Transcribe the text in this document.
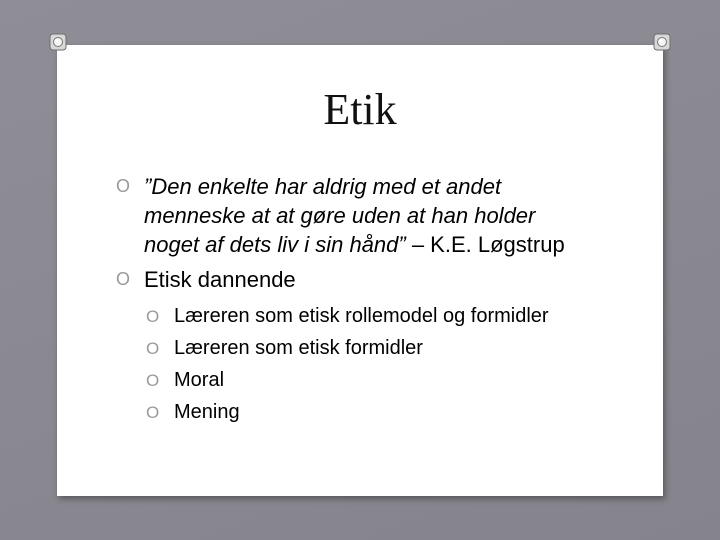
Etik
O ”Den enkelte har aldrig med et andet menneske at at gøre uden at han holder noget af dets liv i sin hånd” – K.E. Løgstrup
O Etisk dannende
O Læreren som etisk rollemodel og formidler
O Læreren som etisk formidler
O Moral
O Mening
